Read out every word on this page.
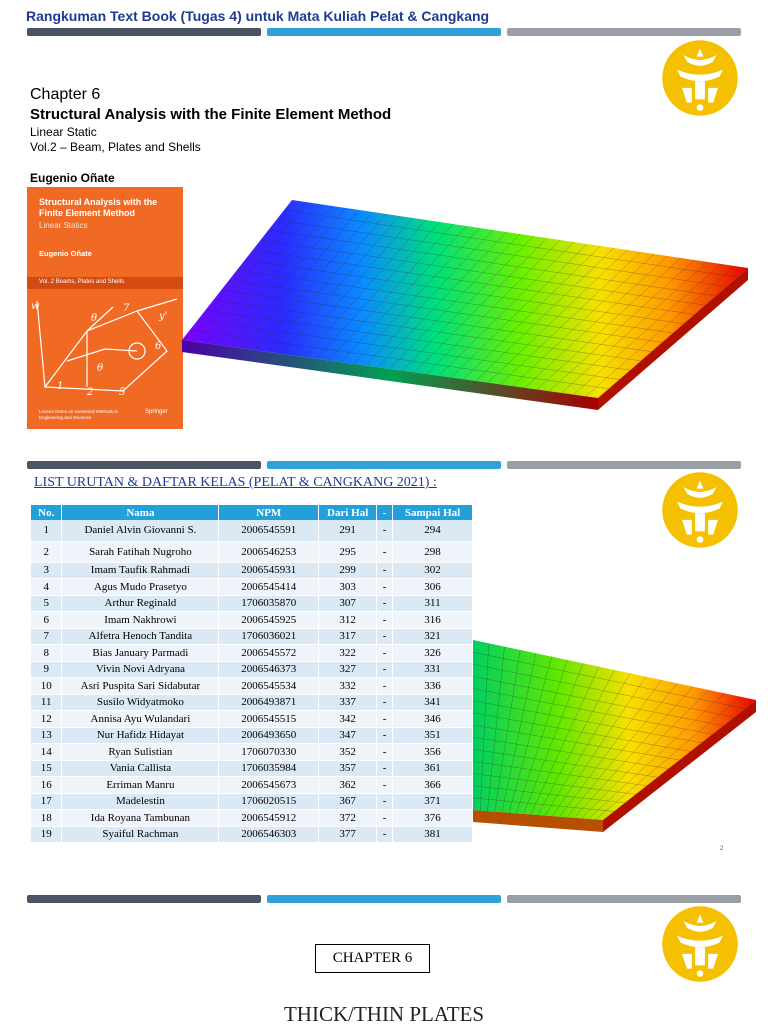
Rangkuman Text Book (Tugas 4) untuk Mata Kuliah Pelat & Cangkang
Chapter 6
Structural Analysis with the Finite Element Method
Linear Static
Vol.2 – Beam, Plates and Shells
Eugenio Oñate
Structural Analysis with the Finite Element Method
Linear Statics
Eugenio Oñate
Vol. 2 Beams, Plates and Shells
w
θ
7
y'
6
θ
1
5
2
Lecture Notes on Numerical Methods in Engineering and Sciences
Springer
LIST URUTAN & DAFTAR KELAS (PELAT & CANGKANG 2021) :
No.	Nama	NPM	Dari Hal	-	Sampai Hal
1	Daniel Alvin Giovanni S.	2006545591	291	-	294
2	Sarah Fatihah Nugroho	2006546253	295	-	298
3	Imam Taufik Rahmadi	2006545931	299	-	302
4	Agus Mudo Prasetyo	2006545414	303	-	306
5	Arthur Reginald	1706035870	307	-	311
6	Imam Nakhrowi	2006545925	312	-	316
7	Alfetra Henoch Tandita	1706036021	317	-	321
8	Bias January Parmadi	2006545572	322	-	326
9	Vivin Novi Adryana	2006546373	327	-	331
10	Asri Puspita Sari Sidabutar	2006545534	332	-	336
11	Susilo Widyatmoko	2006493871	337	-	341
12	Annisa Ayu Wulandari	2006545515	342	-	346
13	Nur Hafidz Hidayat	2006493650	347	-	351
14	Ryan Sulistian	1706070330	352	-	356
15	Vania Callista	1706035984	357	-	361
16	Erriman Manru	2006545673	362	-	366
17	Madelestin	1706020515	367	-	371
18	Ida Royana Tambunan	2006545912	372	-	376
19	Syaiful Rachman	2006546303	377	-	381
2
CHAPTER 6
THICK/THIN PLATES
